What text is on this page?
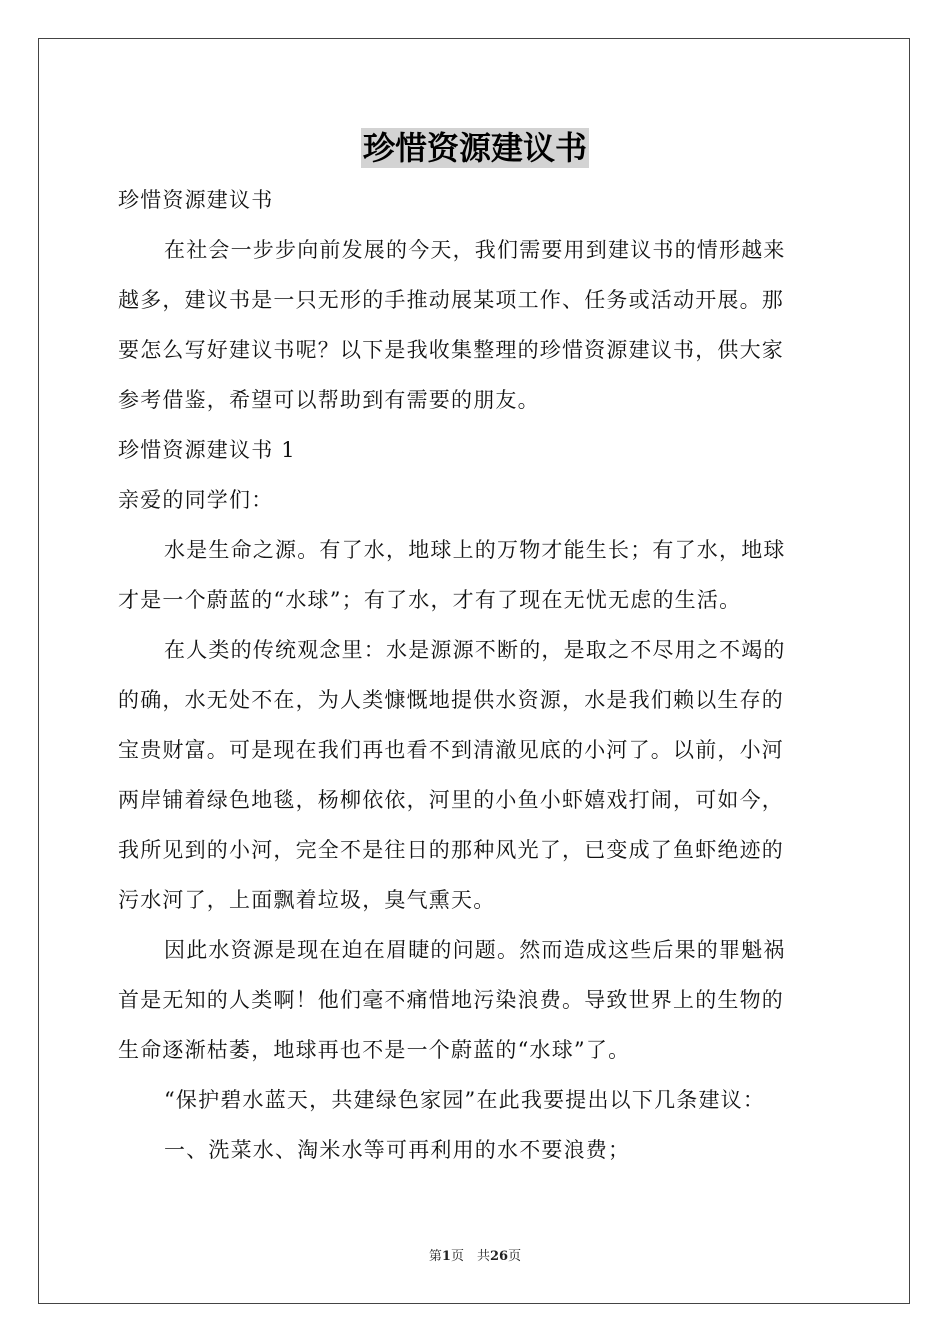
珍惜资源建议书
珍惜资源建议书
在社会一步步向前发展的今天，我们需要用到建议书的情形越来
越多，建议书是一只无形的手推动展某项工作、任务或活动开展。那
要怎么写好建议书呢？以下是我收集整理的珍惜资源建议书，供大家
参考借鉴，希望可以帮助到有需要的朋友。
珍惜资源建议书 1
亲爱的同学们：
水是生命之源。有了水，地球上的万物才能生长；有了水，地球
才是一个蔚蓝的“水球”；有了水，才有了现在无忧无虑的生活。
在人类的传统观念里：水是源源不断的，是取之不尽用之不竭的
的确，水无处不在，为人类慷慨地提供水资源，水是我们赖以生存的
宝贵财富。可是现在我们再也看不到清澈见底的小河了。以前，小河
两岸铺着绿色地毯，杨柳依依，河里的小鱼小虾嬉戏打闹，可如今，
我所见到的小河，完全不是往日的那种风光了，已变成了鱼虾绝迹的
污水河了，上面飘着垃圾，臭气熏天。
因此水资源是现在迫在眉睫的问题。然而造成这些后果的罪魁祸
首是无知的人类啊！他们毫不痛惜地污染浪费。导致世界上的生物的
生命逐渐枯萎，地球再也不是一个蔚蓝的“水球”了。
“保护碧水蓝天，共建绿色家园”在此我要提出以下几条建议：
一、洗菜水、淘米水等可再利用的水不要浪费；
第1页　共26页
